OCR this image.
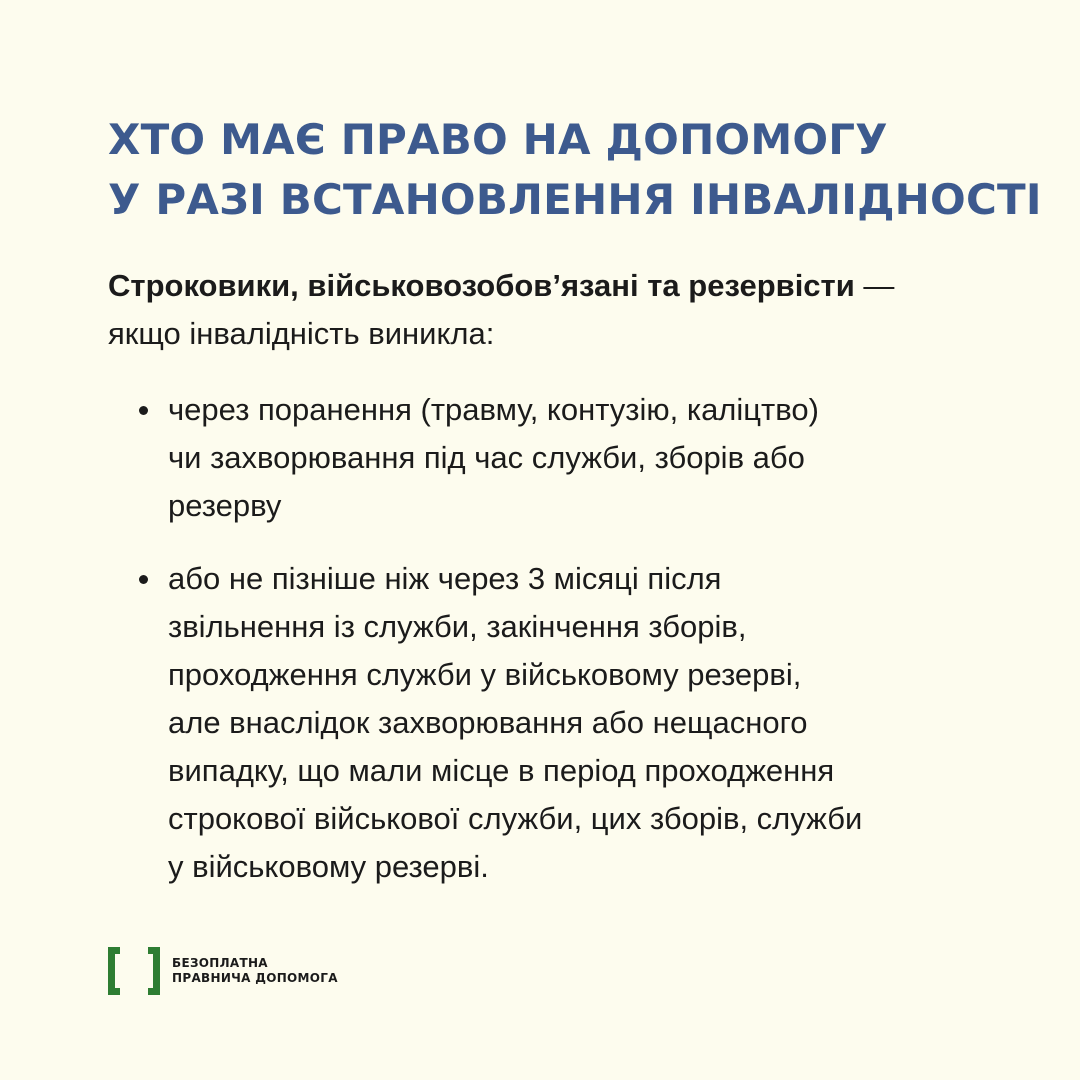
ХТО МАЄ ПРАВО НА ДОПОМОГУ
У РАЗІ ВСТАНОВЛЕННЯ ІНВАЛІДНОСТІ

Строковики, військовозобов’язані та резервісти —
якщо інвалідність виникла:

через поранення (травму, контузію, каліцтво)
чи захворювання під час служби, зборів або
резерву
або не пізніше ніж через 3 місяці після
звільнення із служби, закінчення зборів,
проходження служби у військовому резерві,
але внаслідок захворювання або нещасного
випадку, що мали місце в період проходження
строкової військової служби, цих зборів, служби
у військовому резерві.
БЕЗОПЛАТНА
ПРАВНИЧА ДОПОМОГА
